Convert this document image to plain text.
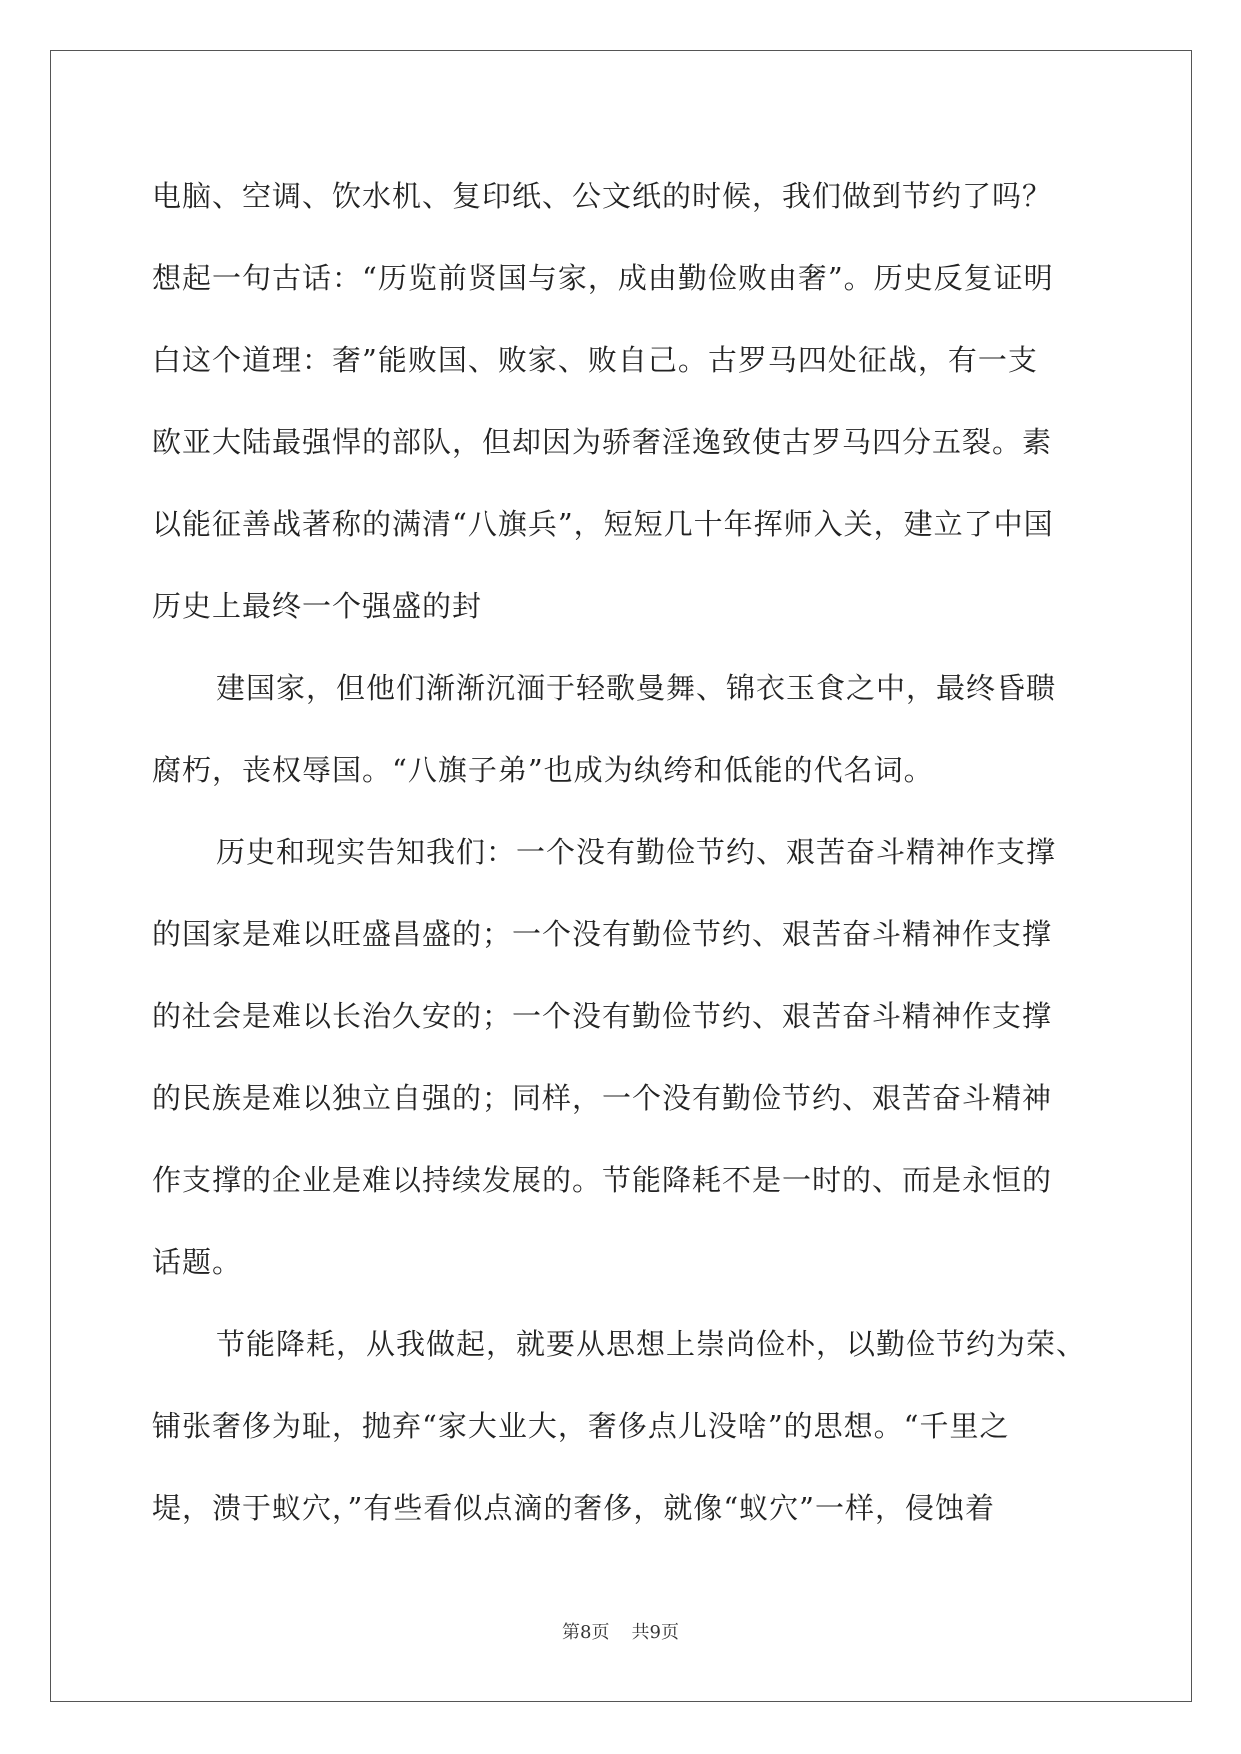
电脑、空调、饮水机、复印纸、公文纸的时候，我们做到节约了吗？
想起一句古话：“历览前贤国与家，成由勤俭败由奢”。历史反复证明
白这个道理：奢”能败国、败家、败自己。古罗马四处征战，有一支
欧亚大陆最强悍的部队，但却因为骄奢淫逸致使古罗马四分五裂。素
以能征善战著称的满清“八旗兵”，短短几十年挥师入关，建立了中国
历史上最终一个强盛的封
建国家，但他们渐渐沉湎于轻歌曼舞、锦衣玉食之中，最终昏聩
腐朽，丧权辱国。“八旗子弟”也成为纨绔和低能的代名词。
历史和现实告知我们：一个没有勤俭节约、艰苦奋斗精神作支撑
的国家是难以旺盛昌盛的；一个没有勤俭节约、艰苦奋斗精神作支撑
的社会是难以长治久安的；一个没有勤俭节约、艰苦奋斗精神作支撑
的民族是难以独立自强的；同样，一个没有勤俭节约、艰苦奋斗精神
作支撑的企业是难以持续发展的。节能降耗不是一时的、而是永恒的
话题。
节能降耗，从我做起，就要从思想上崇尚俭朴，以勤俭节约为荣、
铺张奢侈为耻，抛弃“家大业大，奢侈点儿没啥”的思想。“千里之
堤，溃于蚁穴，”有些看似点滴的奢侈，就像“蚁穴”一样，侵蚀着
第8页 共9页
